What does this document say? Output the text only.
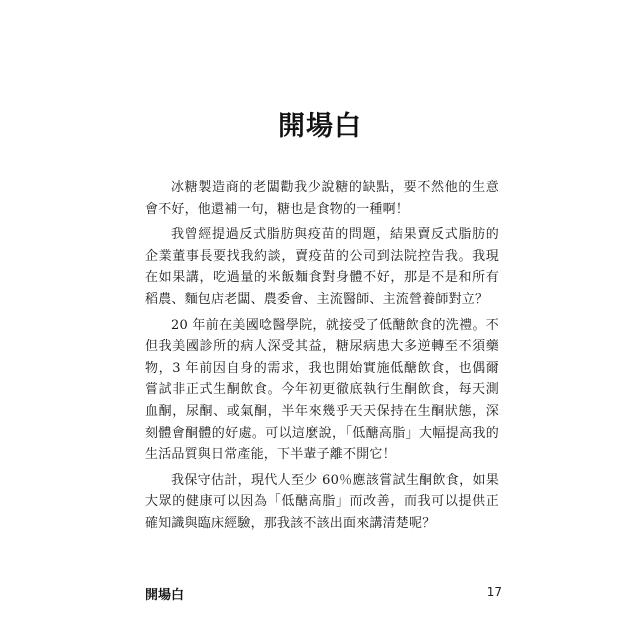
開場白

冰糖製造商的老闆勸我少說糖的缺點，要不然他的生意會不好，他還補一句，糖也是食物的一種啊！

我曾經提過反式脂肪與疫苗的問題，結果賣反式脂肪的企業董事長要找我約談，賣疫苗的公司到法院控告我。我現在如果講，吃過量的米飯麵食對身體不好，那是不是和所有稻農、麵包店老闆、農委會、主流醫師、主流營養師對立？

20 年前在美國唸醫學院，就接受了低醣飲食的洗禮。不但我美國診所的病人深受其益，糖尿病患大多逆轉至不須藥物，3 年前因自身的需求，我也開始實施低醣飲食，也偶爾嘗試非正式生酮飲食。今年初更徹底執行生酮飲食，每天測血酮，尿酮、或氣酮，半年來幾乎天天保持在生酮狀態，深刻體會酮體的好處。可以這麼說，「低醣高脂」大幅提高我的生活品質與日常產能，下半輩子離不開它！

我保守估計，現代人至少 60％應該嘗試生酮飲食，如果大眾的健康可以因為「低醣高脂」而改善，而我可以提供正確知識與臨床經驗，那我該不該出面來講清楚呢？

開場白	17
